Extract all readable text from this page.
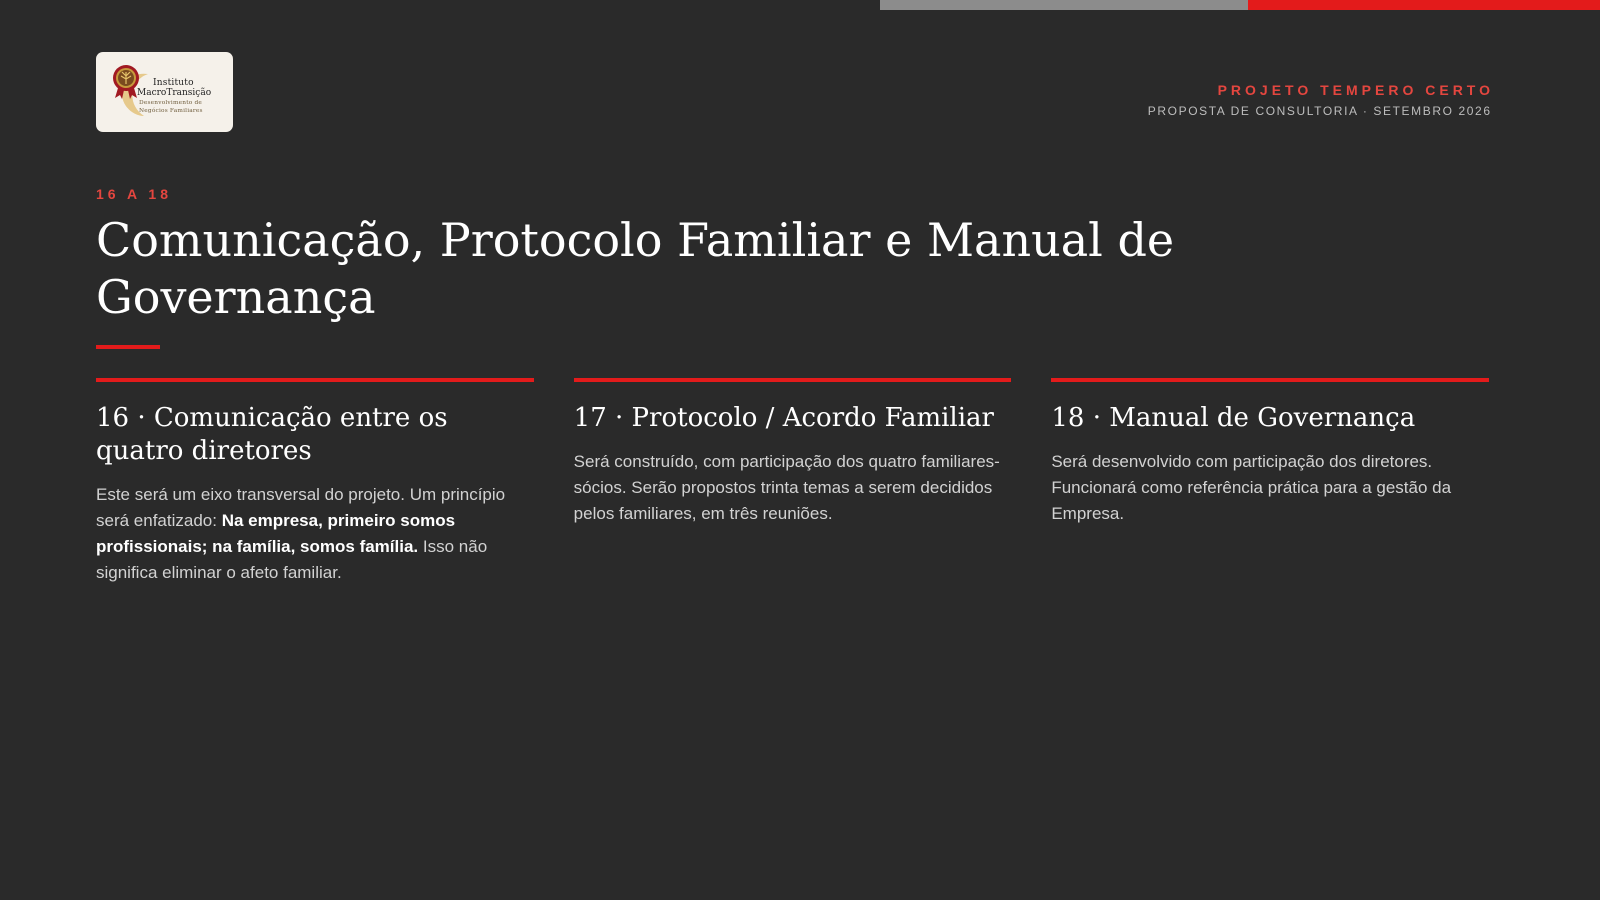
Instituto
MacroTransição
Desenvolvimento de
Negócios Familiares
PROJETO TEMPERO CERTO
PROPOSTA DE CONSULTORIA · SETEMBRO 2026
16 A 18
Comunicação, Protocolo Familiar e Manual de Governança
16 · Comunicação entre os quatro diretores

Este será um eixo transversal do projeto. Um princípio será enfatizado: Na empresa, primeiro somos profissionais; na família, somos família. Isso não significa eliminar o afeto familiar.

17 · Protocolo / Acordo Familiar

Será construído, com participação dos quatro familiares-sócios. Serão propostos trinta temas a serem decididos pelos familiares, em três reuniões.

18 · Manual de Governança

Será desenvolvido com participação dos diretores. Funcionará como referência prática para a gestão da Empresa.
